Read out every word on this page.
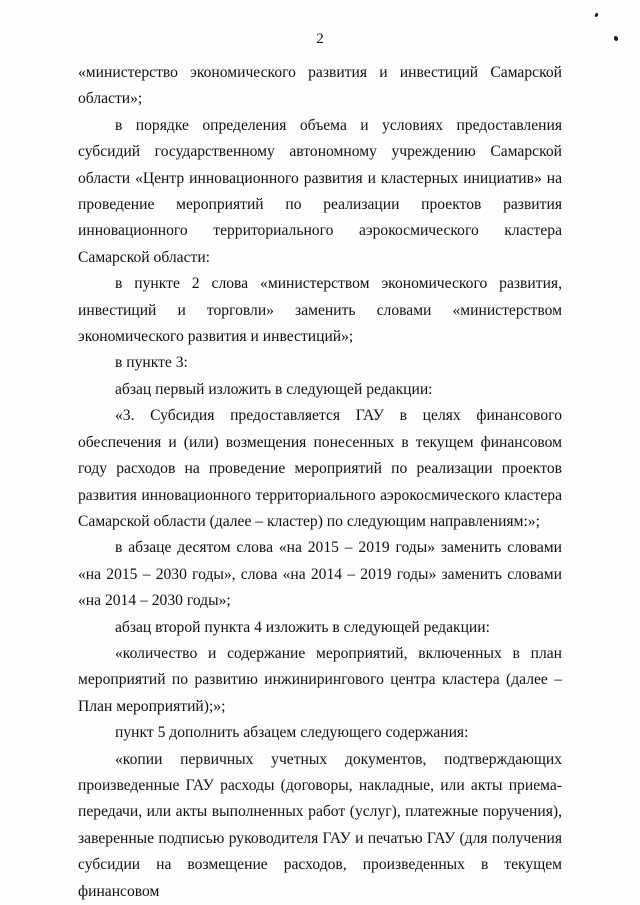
2

«министерство экономического развития и инвестиций Самарской области»;

в порядке определения объема и условиях предоставления субсидий государственному автономному учреждению Самарской области «Центр инновационного развития и кластерных инициатив» на проведение мероприятий по реализации проектов развития инновационного территориального аэрокосмического кластера Самарской области:

в пункте 2 слова «министерством экономического развития, инвестиций и торговли» заменить словами «министерством экономического развития и инвестиций»;

в пункте 3:

абзац первый изложить в следующей редакции:

«3. Субсидия предоставляется ГАУ в целях финансового обеспечения и (или) возмещения понесенных в текущем финансовом году расходов на проведение мероприятий по реализации проектов развития инновационного территориального аэрокосмического кластера Самарской области (далее – кластер) по следующим направлениям:»;

в абзаце десятом слова «на 2015 – 2019 годы» заменить словами «на 2015 – 2030 годы», слова «на 2014 – 2019 годы» заменить словами «на 2014 – 2030 годы»;

абзац второй пункта 4 изложить в следующей редакции:

«количество и содержание мероприятий, включенных в план мероприятий по развитию инжинирингового центра кластера (далее – План мероприятий);»;

пункт 5 дополнить абзацем следующего содержания:

«копии первичных учетных документов, подтверждающих произведенные ГАУ расходы (договоры, накладные, или акты приема-передачи, или акты выполненных работ (услуг), платежные поручения), заверенные подписью руководителя ГАУ и печатью ГАУ (для получения субсидии на возмещение расходов, произведенных в текущем финансовом
